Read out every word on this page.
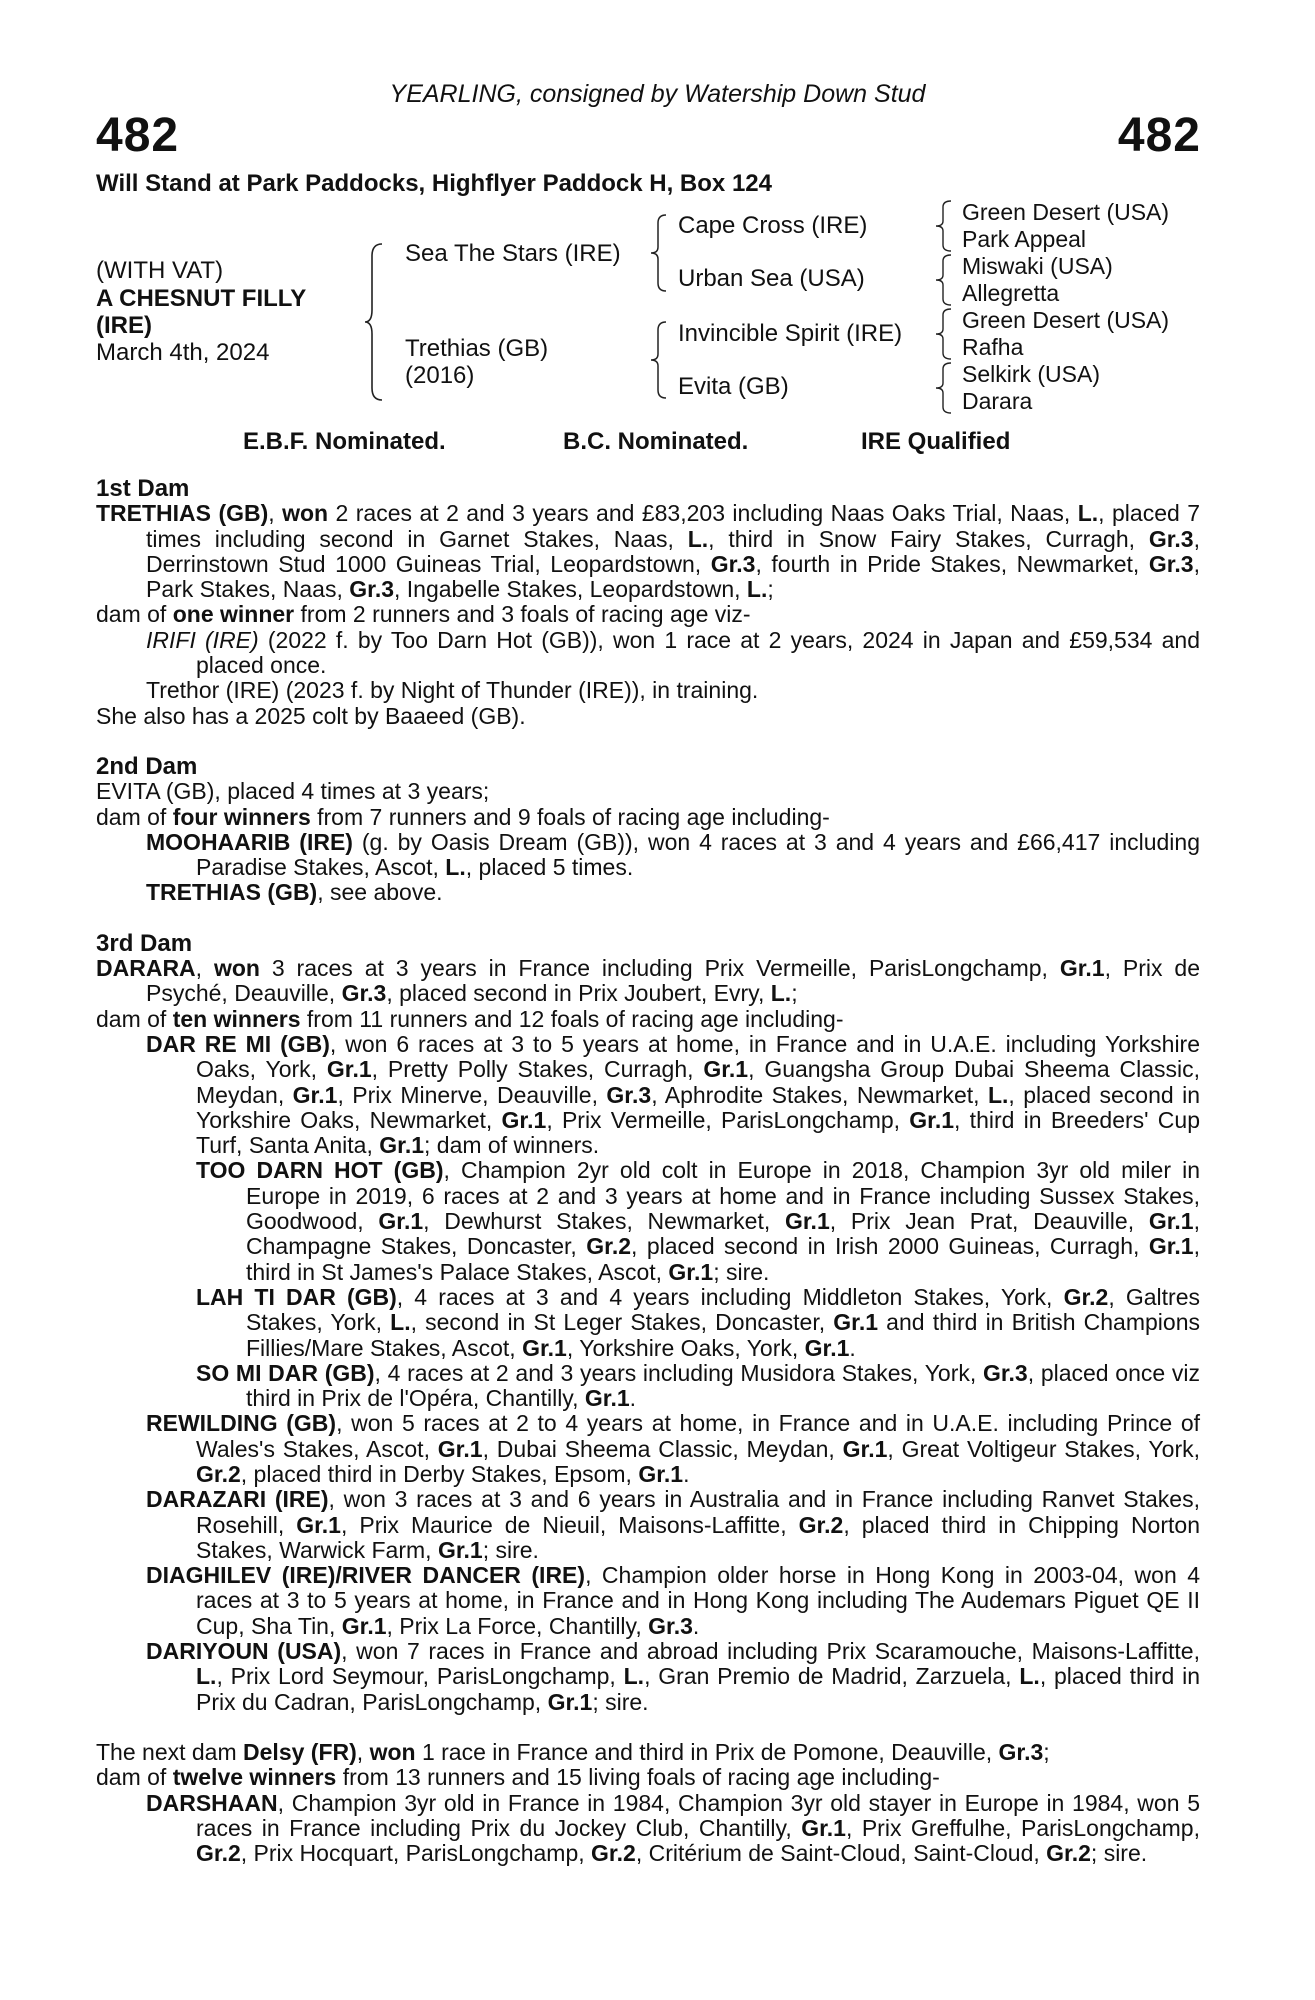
YEARLING, consigned by Watership Down Stud
482	482
Will Stand at Park Paddocks, Highflyer Paddock H, Box 124
(WITH VAT)
A CHESNUT FILLY
(IRE)
March 4th, 2024
Sea The Stars (IRE)
Trethias (GB)
(2016)
Cape Cross (IRE)
Urban Sea (USA)
Invincible Spirit (IRE)
Evita (GB)
Green Desert (USA)
Park Appeal
Miswaki (USA)
Allegretta
Green Desert (USA)
Rafha
Selkirk (USA)
Darara
E.B.F. Nominated.	B.C. Nominated.	IRE Qualified
1st Dam
TRETHIAS (GB), won 2 races at 2 and 3 years and £83,203 including Naas Oaks Trial, Naas, L., placed 7 times including second in Garnet Stakes, Naas, L., third in Snow Fairy Stakes, Curragh, Gr.3, Derrinstown Stud 1000 Guineas Trial, Leopardstown, Gr.3, fourth in Pride Stakes, Newmarket, Gr.3, Park Stakes, Naas, Gr.3, Ingabelle Stakes, Leopardstown, L.;
dam of one winner from 2 runners and 3 foals of racing age viz-
IRIFI (IRE) (2022 f. by Too Darn Hot (GB)), won 1 race at 2 years, 2024 in Japan and £59,534 and placed once.
Trethor (IRE) (2023 f. by Night of Thunder (IRE)), in training.
She also has a 2025 colt by Baaeed (GB).
2nd Dam
EVITA (GB), placed 4 times at 3 years;
dam of four winners from 7 runners and 9 foals of racing age including-
MOOHAARIB (IRE) (g. by Oasis Dream (GB)), won 4 races at 3 and 4 years and £66,417 including Paradise Stakes, Ascot, L., placed 5 times.
TRETHIAS (GB), see above.
3rd Dam
DARARA, won 3 races at 3 years in France including Prix Vermeille, ParisLongchamp, Gr.1, Prix de Psyché, Deauville, Gr.3, placed second in Prix Joubert, Evry, L.;
dam of ten winners from 11 runners and 12 foals of racing age including-
DAR RE MI (GB), won 6 races at 3 to 5 years at home, in France and in U.A.E. including Yorkshire Oaks, York, Gr.1, Pretty Polly Stakes, Curragh, Gr.1, Guangsha Group Dubai Sheema Classic, Meydan, Gr.1, Prix Minerve, Deauville, Gr.3, Aphrodite Stakes, Newmarket, L., placed second in Yorkshire Oaks, Newmarket, Gr.1, Prix Vermeille, ParisLongchamp, Gr.1, third in Breeders' Cup Turf, Santa Anita, Gr.1; dam of winners.
TOO DARN HOT (GB), Champion 2yr old colt in Europe in 2018, Champion 3yr old miler in Europe in 2019, 6 races at 2 and 3 years at home and in France including Sussex Stakes, Goodwood, Gr.1, Dewhurst Stakes, Newmarket, Gr.1, Prix Jean Prat, Deauville, Gr.1, Champagne Stakes, Doncaster, Gr.2, placed second in Irish 2000 Guineas, Curragh, Gr.1, third in St James's Palace Stakes, Ascot, Gr.1; sire.
LAH TI DAR (GB), 4 races at 3 and 4 years including Middleton Stakes, York, Gr.2, Galtres Stakes, York, L., second in St Leger Stakes, Doncaster, Gr.1 and third in British Champions Fillies/Mare Stakes, Ascot, Gr.1, Yorkshire Oaks, York, Gr.1.
SO MI DAR (GB), 4 races at 2 and 3 years including Musidora Stakes, York, Gr.3, placed once viz third in Prix de l'Opéra, Chantilly, Gr.1.
REWILDING (GB), won 5 races at 2 to 4 years at home, in France and in U.A.E. including Prince of Wales's Stakes, Ascot, Gr.1, Dubai Sheema Classic, Meydan, Gr.1, Great Voltigeur Stakes, York, Gr.2, placed third in Derby Stakes, Epsom, Gr.1.
DARAZARI (IRE), won 3 races at 3 and 6 years in Australia and in France including Ranvet Stakes, Rosehill, Gr.1, Prix Maurice de Nieuil, Maisons-Laffitte, Gr.2, placed third in Chipping Norton Stakes, Warwick Farm, Gr.1; sire.
DIAGHILEV (IRE)/RIVER DANCER (IRE), Champion older horse in Hong Kong in 2003-04, won 4 races at 3 to 5 years at home, in France and in Hong Kong including The Audemars Piguet QE II Cup, Sha Tin, Gr.1, Prix La Force, Chantilly, Gr.3.
DARIYOUN (USA), won 7 races in France and abroad including Prix Scaramouche, Maisons-Laffitte, L., Prix Lord Seymour, ParisLongchamp, L., Gran Premio de Madrid, Zarzuela, L., placed third in Prix du Cadran, ParisLongchamp, Gr.1; sire.
The next dam Delsy (FR), won 1 race in France and third in Prix de Pomone, Deauville, Gr.3;
dam of twelve winners from 13 runners and 15 living foals of racing age including-
DARSHAAN, Champion 3yr old in France in 1984, Champion 3yr old stayer in Europe in 1984, won 5 races in France including Prix du Jockey Club, Chantilly, Gr.1, Prix Greffulhe, ParisLongchamp, Gr.2, Prix Hocquart, ParisLongchamp, Gr.2, Critérium de Saint-Cloud, Saint-Cloud, Gr.2; sire.
